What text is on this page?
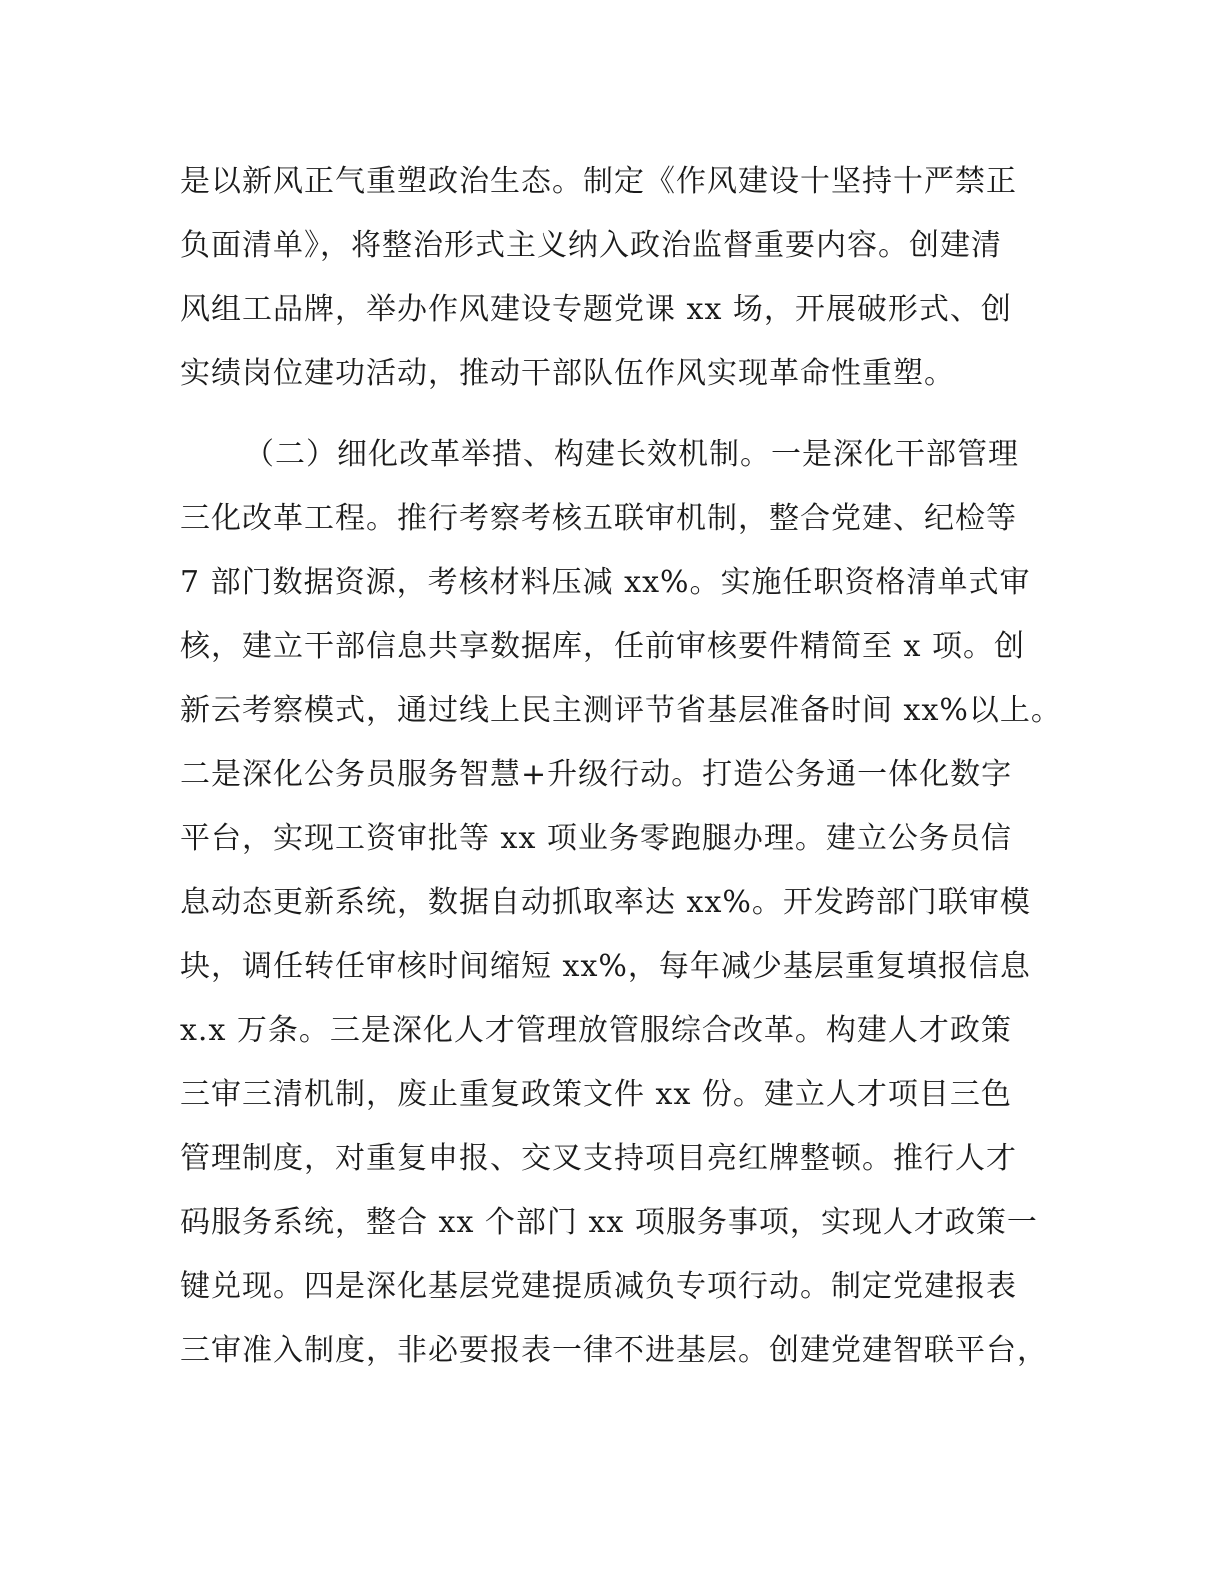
是以新风正气重塑政治生态。制定《作风建设十坚持十严禁正
负面清单》，将整治形式主义纳入政治监督重要内容。创建清
风组工品牌，举办作风建设专题党课 xx 场，开展破形式、创
实绩岗位建功活动，推动干部队伍作风实现革命性重塑。
（二）细化改革举措、构建长效机制。一是深化干部管理
三化改革工程。推行考察考核五联审机制，整合党建、纪检等
7 部门数据资源，考核材料压减 xx%。实施任职资格清单式审
核，建立干部信息共享数据库，任前审核要件精简至 x 项。创
新云考察模式，通过线上民主测评节省基层准备时间 xx%以上。
二是深化公务员服务智慧+升级行动。打造公务通一体化数字
平台，实现工资审批等 xx 项业务零跑腿办理。建立公务员信
息动态更新系统，数据自动抓取率达 xx%。开发跨部门联审模
块，调任转任审核时间缩短 xx%，每年减少基层重复填报信息
x.x 万条。三是深化人才管理放管服综合改革。构建人才政策
三审三清机制，废止重复政策文件 xx 份。建立人才项目三色
管理制度，对重复申报、交叉支持项目亮红牌整顿。推行人才
码服务系统，整合 xx 个部门 xx 项服务事项，实现人才政策一
键兑现。四是深化基层党建提质减负专项行动。制定党建报表
三审准入制度，非必要报表一律不进基层。创建党建智联平台，
